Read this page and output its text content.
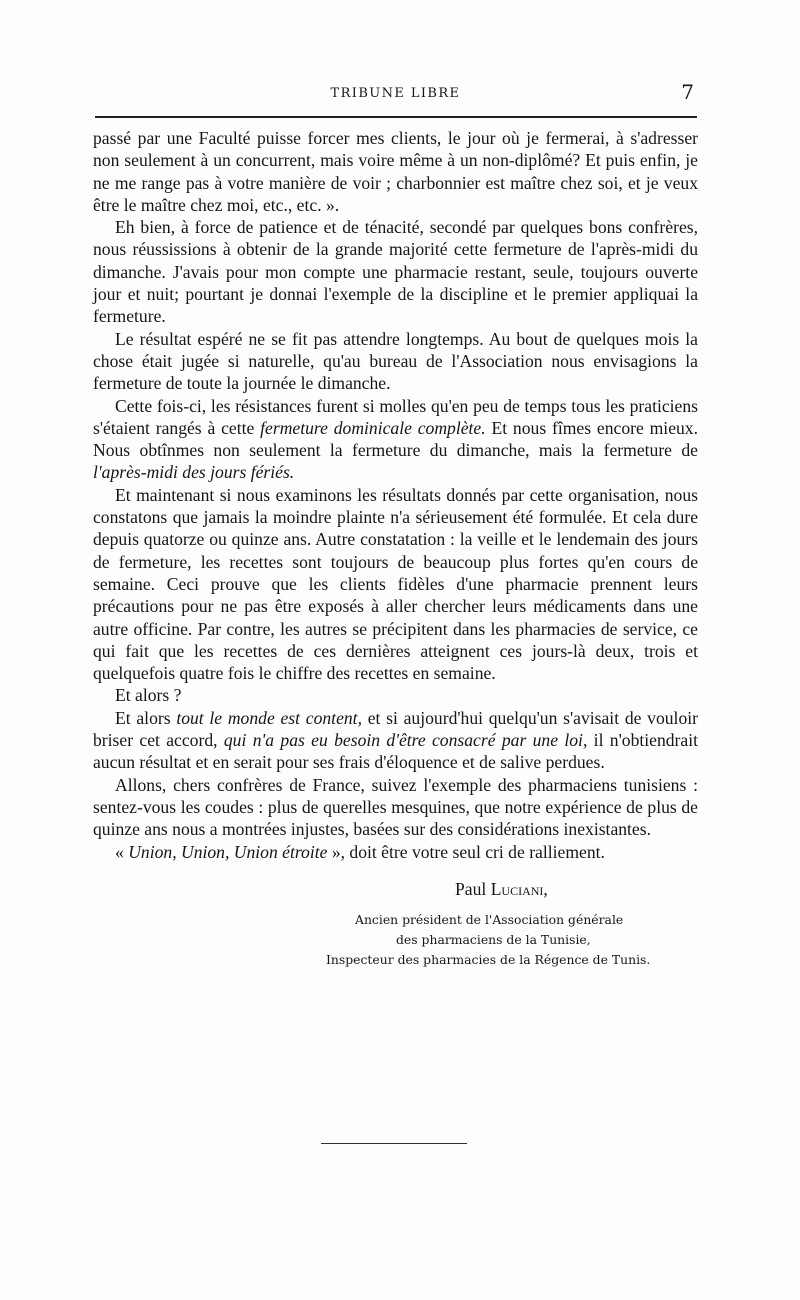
TRIBUNE LIBRE	7

passé par une Faculté puisse forcer mes clients, le jour où je fermerai, à s'adresser non seulement à un concurrent, mais voire même à un non-diplômé? Et puis enfin, je ne me range pas à votre manière de voir ; charbonnier est maître chez soi, et je veux être le maître chez moi, etc., etc. ».

Eh bien, à force de patience et de ténacité, secondé par quelques bons confrères, nous réussissions à obtenir de la grande majorité cette fermeture de l'après-midi du dimanche. J'avais pour mon compte une pharmacie restant, seule, toujours ouverte jour et nuit; pourtant je donnai l'exemple de la discipline et le premier appliquai la fermeture.

Le résultat espéré ne se fit pas attendre longtemps. Au bout de quelques mois la chose était jugée si naturelle, qu'au bureau de l'Association nous envisagions la fermeture de toute la journée le dimanche.

Cette fois-ci, les résistances furent si molles qu'en peu de temps tous les praticiens s'étaient rangés à cette fermeture dominicale complète. Et nous fîmes encore mieux. Nous obtînmes non seulement la fermeture du dimanche, mais la fermeture de l'après-midi des jours fériés.

Et maintenant si nous examinons les résultats donnés par cette organisation, nous constatons que jamais la moindre plainte n'a sérieusement été formulée. Et cela dure depuis quatorze ou quinze ans. Autre constatation : la veille et le lendemain des jours de fermeture, les recettes sont toujours de beaucoup plus fortes qu'en cours de semaine. Ceci prouve que les clients fidèles d'une pharmacie prennent leurs précautions pour ne pas être exposés à aller chercher leurs médicaments dans une autre officine. Par contre, les autres se précipitent dans les pharmacies de service, ce qui fait que les recettes de ces dernières atteignent ces jours-là deux, trois et quelquefois quatre fois le chiffre des recettes en semaine.

Et alors ?

Et alors tout le monde est content, et si aujourd'hui quelqu'un s'avisait de vouloir briser cet accord, qui n'a pas eu besoin d'être consacré par une loi, il n'obtiendrait aucun résultat et en serait pour ses frais d'éloquence et de salive perdues.

Allons, chers confrères de France, suivez l'exemple des pharmaciens tunisiens : sentez-vous les coudes : plus de querelles mesquines, que notre expérience de plus de quinze ans nous a montrées injustes, basées sur des considérations inexistantes.

« Union, Union, Union étroite », doit être votre seul cri de ralliement.

Paul Luciani,
Ancien président de l'Association générale
des pharmaciens de la Tunisie,
Inspecteur des pharmacies de la Régence de Tunis.
